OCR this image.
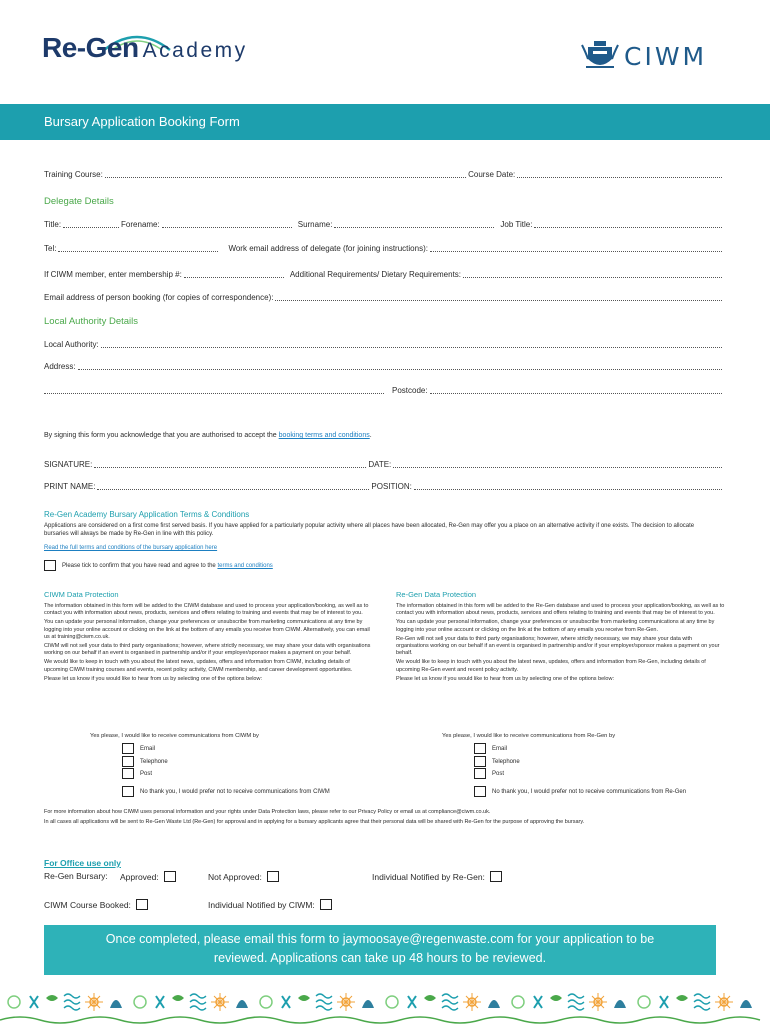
Re-Gen Academy	CIWM
Bursary Application Booking Form
Training Course:	Course Date:
Delegate Details
Title:	Forename:	Surname:	Job Title:
Tel:	Work email address of delegate (for joining instructions):
If CIWM member, enter membership #:	Additional Requirements/ Dietary Requirements:
Email address of person booking (for copies of correspondence):
Local Authority Details
Local Authority:
Address:
Postcode:
By signing this form you acknowledge that you are authorised to accept the booking terms and conditions.
SIGNATURE:	DATE:
PRINT NAME:	POSITION:
Re-Gen Academy Bursary Application Terms & Conditions
Applications are considered on a first come first served basis. If you have applied for a particularly popular activity where all places have been allocated, Re-Gen may offer you a place on an alternative activity if one exists. The decision to allocate bursaries will always be made by Re-Gen in line with this policy.
Read the full terms and conditions of the bursary application here
Please tick to confirm that you have read and agree to the
terms and conditions
CIWM Data Protection

The information obtained in this form will be added to the CIWM database and used to process your application/booking, as well as to contact you with information about news, products, services and offers relating to training and events that may be of interest to you.

You can update your personal information, change your preferences or unsubscribe from marketing communications at any time by logging into your online account or clicking on the link at the bottom of any emails you receive from CIWM. Alternatively, you can email us at training@ciwm.co.uk.

CIWM will not sell your data to third party organisations; however, where strictly necessary, we may share your data with organisations working on our behalf if an event is organised in partnership and/or if your employer/sponsor makes a payment on your behalf.

We would like to keep in touch with you about the latest news, updates, offers and information from CIWM, including details of upcoming CIWM training courses and events, recent policy activity, CIWM membership, and career development opportunities.

Please let us know if you would like to hear from us by selecting one of the options below:

Yes please, I would like to receive communications from CIWM by
Email
Telephone
Post
No thank you, I would prefer not to receive communications from CIWM
Re-Gen Data Protection

The information obtained in this form will be added to the Re-Gen database and used to process your application/booking, as well as to contact you with information about news, products, services and offers relating to training and events that may be of interest to you.

You can update your personal information, change your preferences or unsubscribe from marketing communications at any time by logging into your online account or clicking on the link at the bottom of any emails you receive from Re-Gen.

Re-Gen will not sell your data to third party organisations; however, where strictly necessary, we may share your data with organisations working on our behalf if an event is organised in partnership and/or if your employer/sponsor makes a payment on your behalf.

We would like to keep in touch with you about the latest news, updates, offers and information from Re-Gen, including details of upcoming Re-Gen event and recent policy activity.

Please let us know if you would like to hear from us by selecting one of the options below:

Yes please, I would like to receive communications from Re-Gen by
Email
Telephone
Post
No thank you, I would prefer not to receive communications from Re-Gen
For more information about how CIWM uses personal information and your rights under Data Protection laws, please refer to our Privacy Policy or email us at compliance@ciwm.co.uk.
In all cases all applications will be sent to Re-Gen Waste Ltd (Re-Gen) for approval and in applying for a bursary applicants agree that their personal data will be shared with Re-Gen for the purpose of approving the bursary.
For Office use only
Re-Gen Bursary: Approved:	Not Approved:	Individual Notified by Re-Gen:
CIWM Course Booked:	Individual Notified by CIWM:
Once completed, please email this form to jaymoosaye@regenwaste.com for your application to be
reviewed. Applications can take up 48 hours to be reviewed.
